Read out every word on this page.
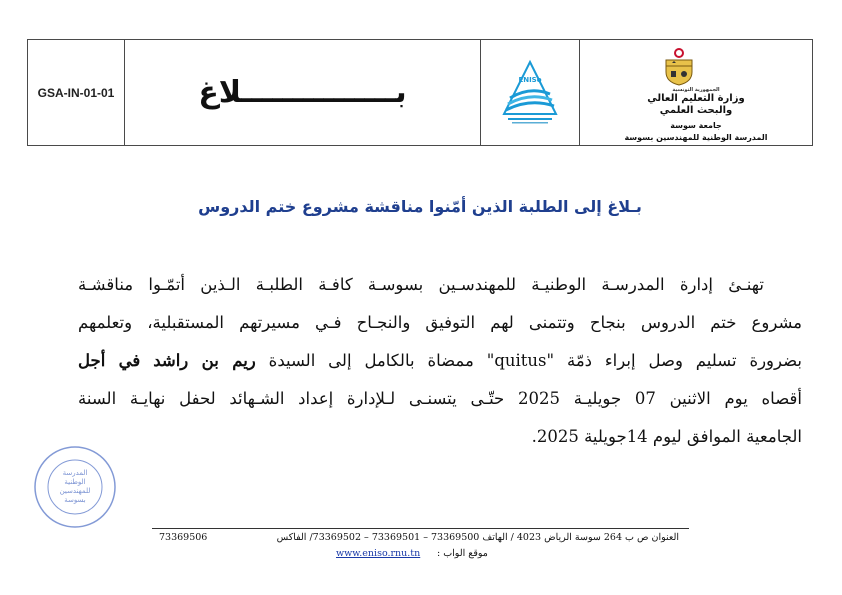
GSA-IN-01-01	بـــــــــــــــلاغ	ENISo
الجمهورية التونسية
وزارة التعليم العالي
والبحث العلمي
جامعة سوسة
المدرسة الوطنية للمهندسين بسوسة
بـلاغ إلى الطلبة الذين أمّنوا مناقشة مشروع ختم الدروس
تهنـئ إدارة المدرسـة الوطنيـة للمهندسـين بسوسـة كافـة الطلبـة الـذين أتمّـوا مناقشـة
مشروع ختم الدروس بنجاح وتتمنى لهم التوفيق والنجـاح فـي مسيرتهم المستقبلية، وتعلمهم
بضرورة تسليم وصل إبراء ذمّة "quitus" ممضاة بالكامل إلى السيدة ريم بن راشد في أجل
أقصاه يوم الاثنين 07 جويليـة 2025 حتّـى يتسنـى لـلإدارة إعداد الشـهائد لحفل نهايـة السنة
الجامعية الموافق ليوم 14جويلية 2025.
المدرسة
الوطنية
للمهندسين
بسوسة
العنوان ص ب 264 سوسة الرياض 4023 / الهاتف 73369500 – 73369501 – 73369502/ الفاكس
73369506
موقع الواب :
www.eniso.rnu.tn
